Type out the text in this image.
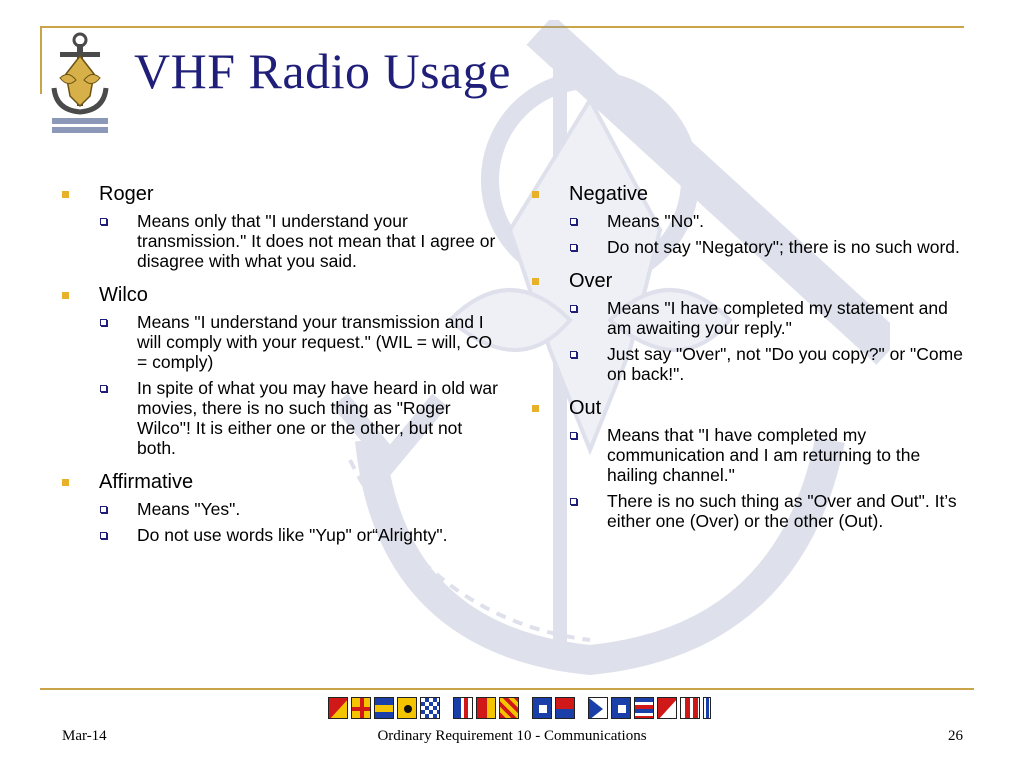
VHF Radio Usage
Roger
Means only that "I understand your transmission." It does not mean that I agree or disagree with what you said.
Wilco
Means "I understand your transmission and I will comply with your request." (WIL = will, CO = comply)
In spite of what you may have heard in old war movies, there is no such thing as "Roger Wilco"! It is either one or the other, but not both.
Affirmative
Means "Yes".
Do not use words like "Yup" or“Alrighty".
Negative
Means "No".
Do not say "Negatory"; there is no such word.
Over
Means "I have completed my statement and am awaiting your reply."
Just say "Over", not "Do you copy?" or "Come on back!".
Out
Means that "I have completed my communication and I am returning to the hailing channel."
There is no such thing as "Over and Out". It’s either one (Over) or the other (Out).
Mar-14	Ordinary Requirement 10 - Communications	26
